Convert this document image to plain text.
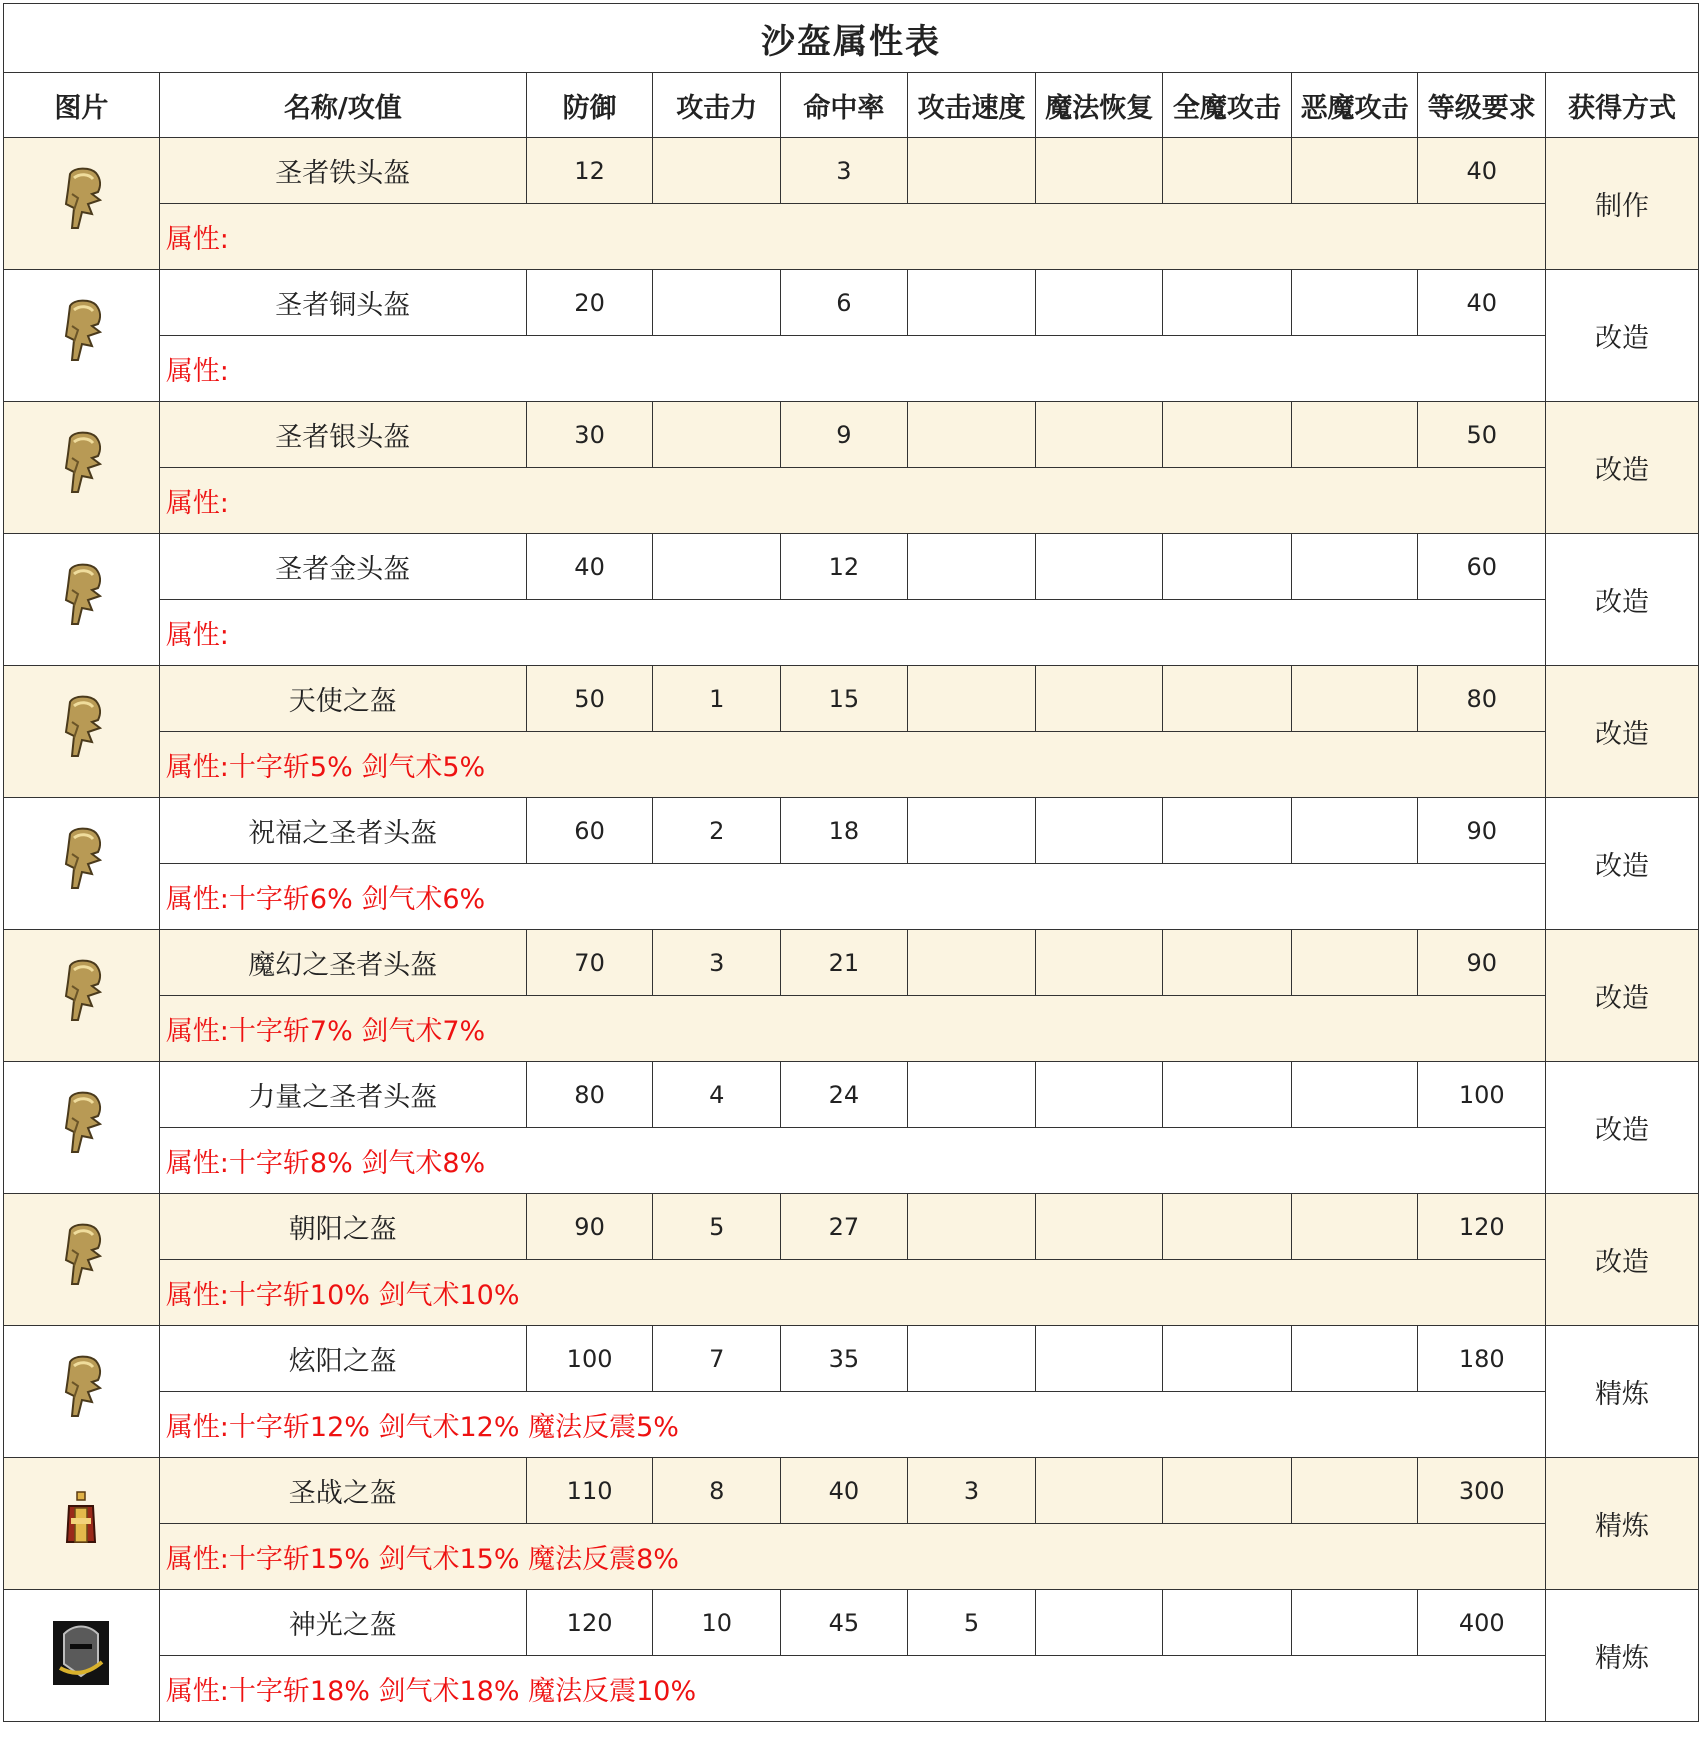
沙盔属性表										
图片	名称/攻值	防御	攻击力	命中率	攻击速度	魔法恢复	全魔攻击	恶魔攻击	等级要求	获得方式

	圣者铁头盔	12		3					40	制作
	属性:									

	圣者铜头盔	20		6					40	改造
	属性:									

	圣者银头盔	30		9					50	改造
	属性:									

	圣者金头盔	40		12					60	改造
	属性:									

	天使之盔	50	1	15					80	改造
	属性:十字斩5% 剑气术5%									

	祝福之圣者头盔	60	2	18					90	改造
	属性:十字斩6% 剑气术6%									

	魔幻之圣者头盔	70	3	21					90	改造
	属性:十字斩7% 剑气术7%									

	力量之圣者头盔	80	4	24					100	改造
	属性:十字斩8% 剑气术8%									

	朝阳之盔	90	5	27					120	改造
	属性:十字斩10% 剑气术10%									

	炫阳之盔	100	7	35					180	精炼
	属性:十字斩12% 剑气术12% 魔法反震5%									

	圣战之盔	110	8	40	3				300	精炼
	属性:十字斩15% 剑气术15% 魔法反震8%									

	神光之盔	120	10	45	5				400	精炼
	属性:十字斩18% 剑气术18% 魔法反震10%									
